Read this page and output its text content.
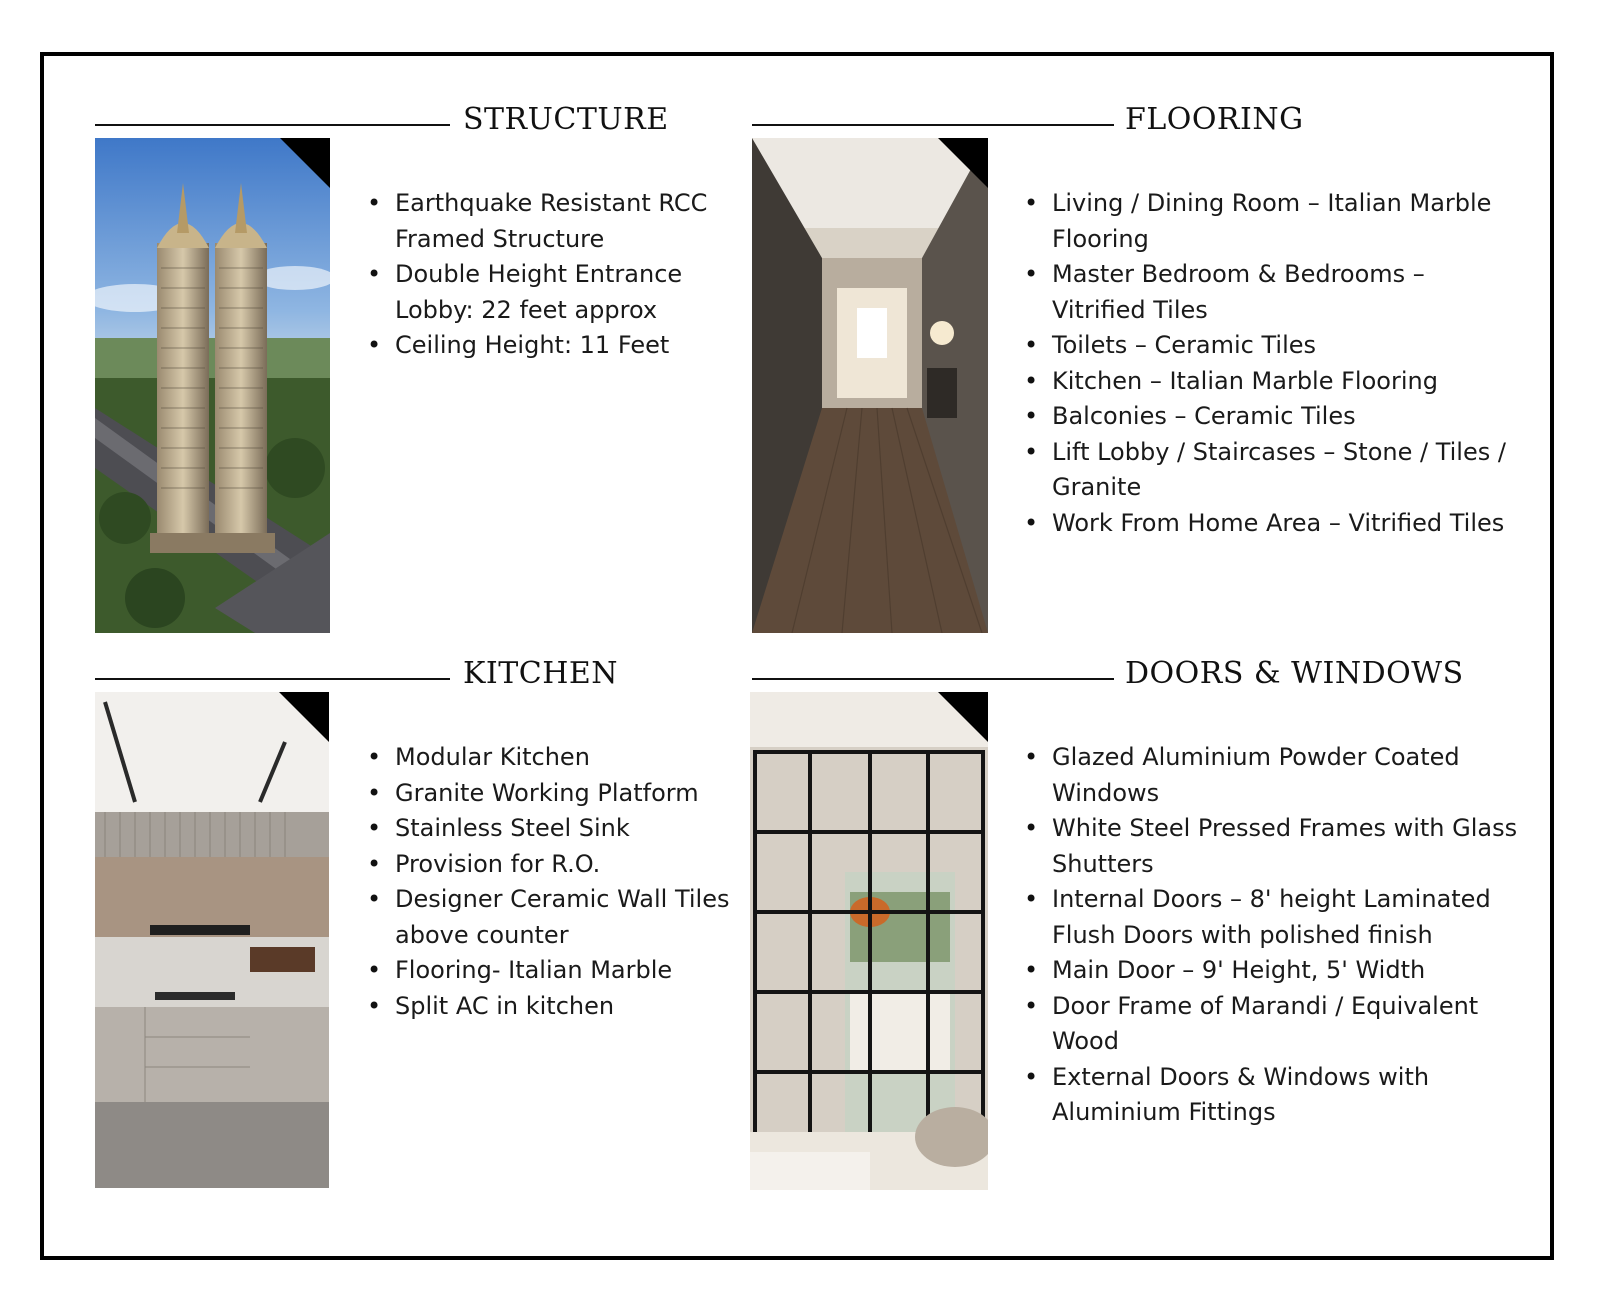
STRUCTURE
• Earthquake Resistant RCC
Framed Structure
• Double Height Entrance
Lobby: 22 feet approx
• Ceiling Height: 11 Feet
FLOORING
• Living / Dining Room – Italian Marble
Flooring
• Master Bedroom & Bedrooms –
Vitrified Tiles
• Toilets – Ceramic Tiles
• Kitchen – Italian Marble Flooring
• Balconies – Ceramic Tiles
• Lift Lobby / Staircases – Stone / Tiles /
Granite
• Work From Home Area – Vitrified Tiles
KITCHEN
• Modular Kitchen
• Granite Working Platform
• Stainless Steel Sink
• Provision for R.O.
• Designer Ceramic Wall Tiles
above counter
• Flooring- Italian Marble
• Split AC in kitchen
DOORS & WINDOWS
• Glazed Aluminium Powder Coated
Windows
• White Steel Pressed Frames with Glass
Shutters
• Internal Doors – 8' height Laminated
Flush Doors with polished finish
• Main Door – 9' Height, 5' Width
• Door Frame of Marandi / Equivalent
Wood
• External Doors & Windows with
Aluminium Fittings
